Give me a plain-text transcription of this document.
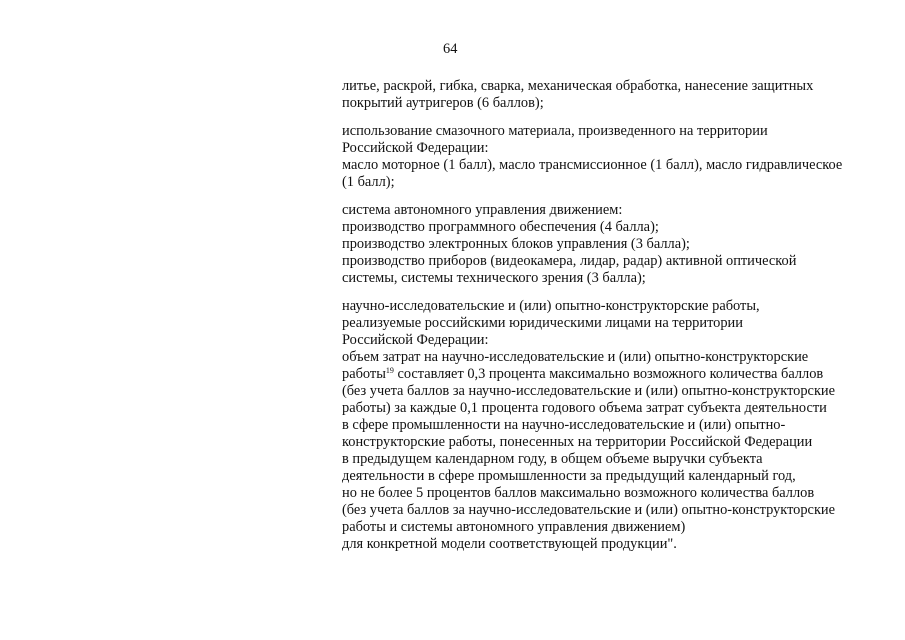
64

литье, раскрой, гибка, сварка, механическая обработка, нанесение защитных
покрытий аутригеров (6 баллов);

использование смазочного материала, произведенного на территории
Российской Федерации:
масло моторное (1 балл), масло трансмиссионное (1 балл), масло гидравлическое
(1 балл);

система автономного управления движением:
производство программного обеспечения (4 балла);
производство электронных блоков управления (3 балла);
производство приборов (видеокамера, лидар, радар) активной оптической
системы, системы технического зрения (3 балла);

научно-исследовательские и (или) опытно-конструкторские работы,
реализуемые российскими юридическими лицами на территории
Российской Федерации:
объем затрат на научно-исследовательские и (или) опытно-конструкторские
работы$^{19}$ составляет 0,3 процента максимально возможного количества баллов
(без учета баллов за научно-исследовательские и (или) опытно-конструкторские
работы) за каждые 0,1 процента годового объема затрат субъекта деятельности
в сфере промышленности на научно-исследовательские и (или) опытно-
конструкторские работы, понесенных на территории Российской Федерации
в предыдущем календарном году, в общем объеме выручки субъекта
деятельности в сфере промышленности за предыдущий календарный год,
но не более 5 процентов баллов максимально возможного количества баллов
(без учета баллов за научно-исследовательские и (или) опытно-конструкторские
работы и системы автономного управления движением)
для конкретной модели соответствующей продукции".
